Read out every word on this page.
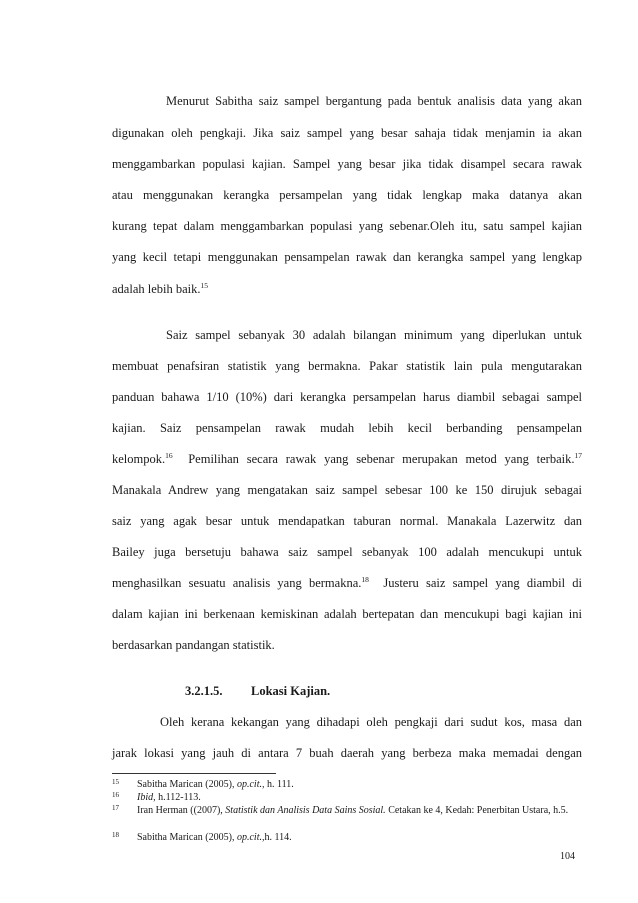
Menurut Sabitha saiz sampel bergantung pada bentuk analisis data yang akan
digunakan oleh pengkaji. Jika saiz sampel yang besar sahaja tidak menjamin ia akan
menggambarkan populasi kajian. Sampel yang besar jika tidak disampel secara rawak
atau menggunakan kerangka persampelan yang tidak lengkap maka datanya akan
kurang tepat dalam menggambarkan populasi yang sebenar.Oleh itu, satu sampel kajian
yang kecil tetapi menggunakan pensampelan rawak dan kerangka sampel yang lengkap
adalah lebih baik.$^{15}$
Saiz sampel sebanyak 30 adalah bilangan minimum yang diperlukan untuk
membuat penafsiran statistik yang bermakna. Pakar statistik lain pula mengutarakan
panduan bahawa 1/10 (10%) dari kerangka persampelan harus diambil sebagai sampel
kajian. Saiz pensampelan rawak mudah lebih kecil berbanding pensampelan
kelompok.$^{16}$ Pemilihan secara rawak yang sebenar merupakan metod yang terbaik.$^{17}$
Manakala Andrew yang mengatakan saiz sampel sebesar 100 ke 150 dirujuk sebagai
saiz yang agak besar untuk mendapatkan taburan normal. Manakala Lazerwitz dan
Bailey juga bersetuju bahawa saiz sampel sebanyak 100 adalah mencukupi untuk
menghasilkan sesuatu analisis yang bermakna.$^{18}$ Justeru saiz sampel yang diambil di
dalam kajian ini berkenaan kemiskinan adalah bertepatan dan mencukupi bagi kajian ini
berdasarkan pandangan statistik.
3.2.1.5. Lokasi Kajian.
Oleh kerana kekangan yang dihadapi oleh pengkaji dari sudut kos, masa dan
jarak lokasi yang jauh di antara 7 buah daerah yang berbeza maka memadai dengan
15 Sabitha Marican (2005), op.cit., h. 111.
16 Ibid, h.112-113.
17 Iran Herman ((2007), Statistik dan Analisis Data Sains Sosial. Cetakan ke 4, Kedah: Penerbitan Ustara, h.5.
18 Sabitha Marican (2005), op.cit.,h. 114.
104
